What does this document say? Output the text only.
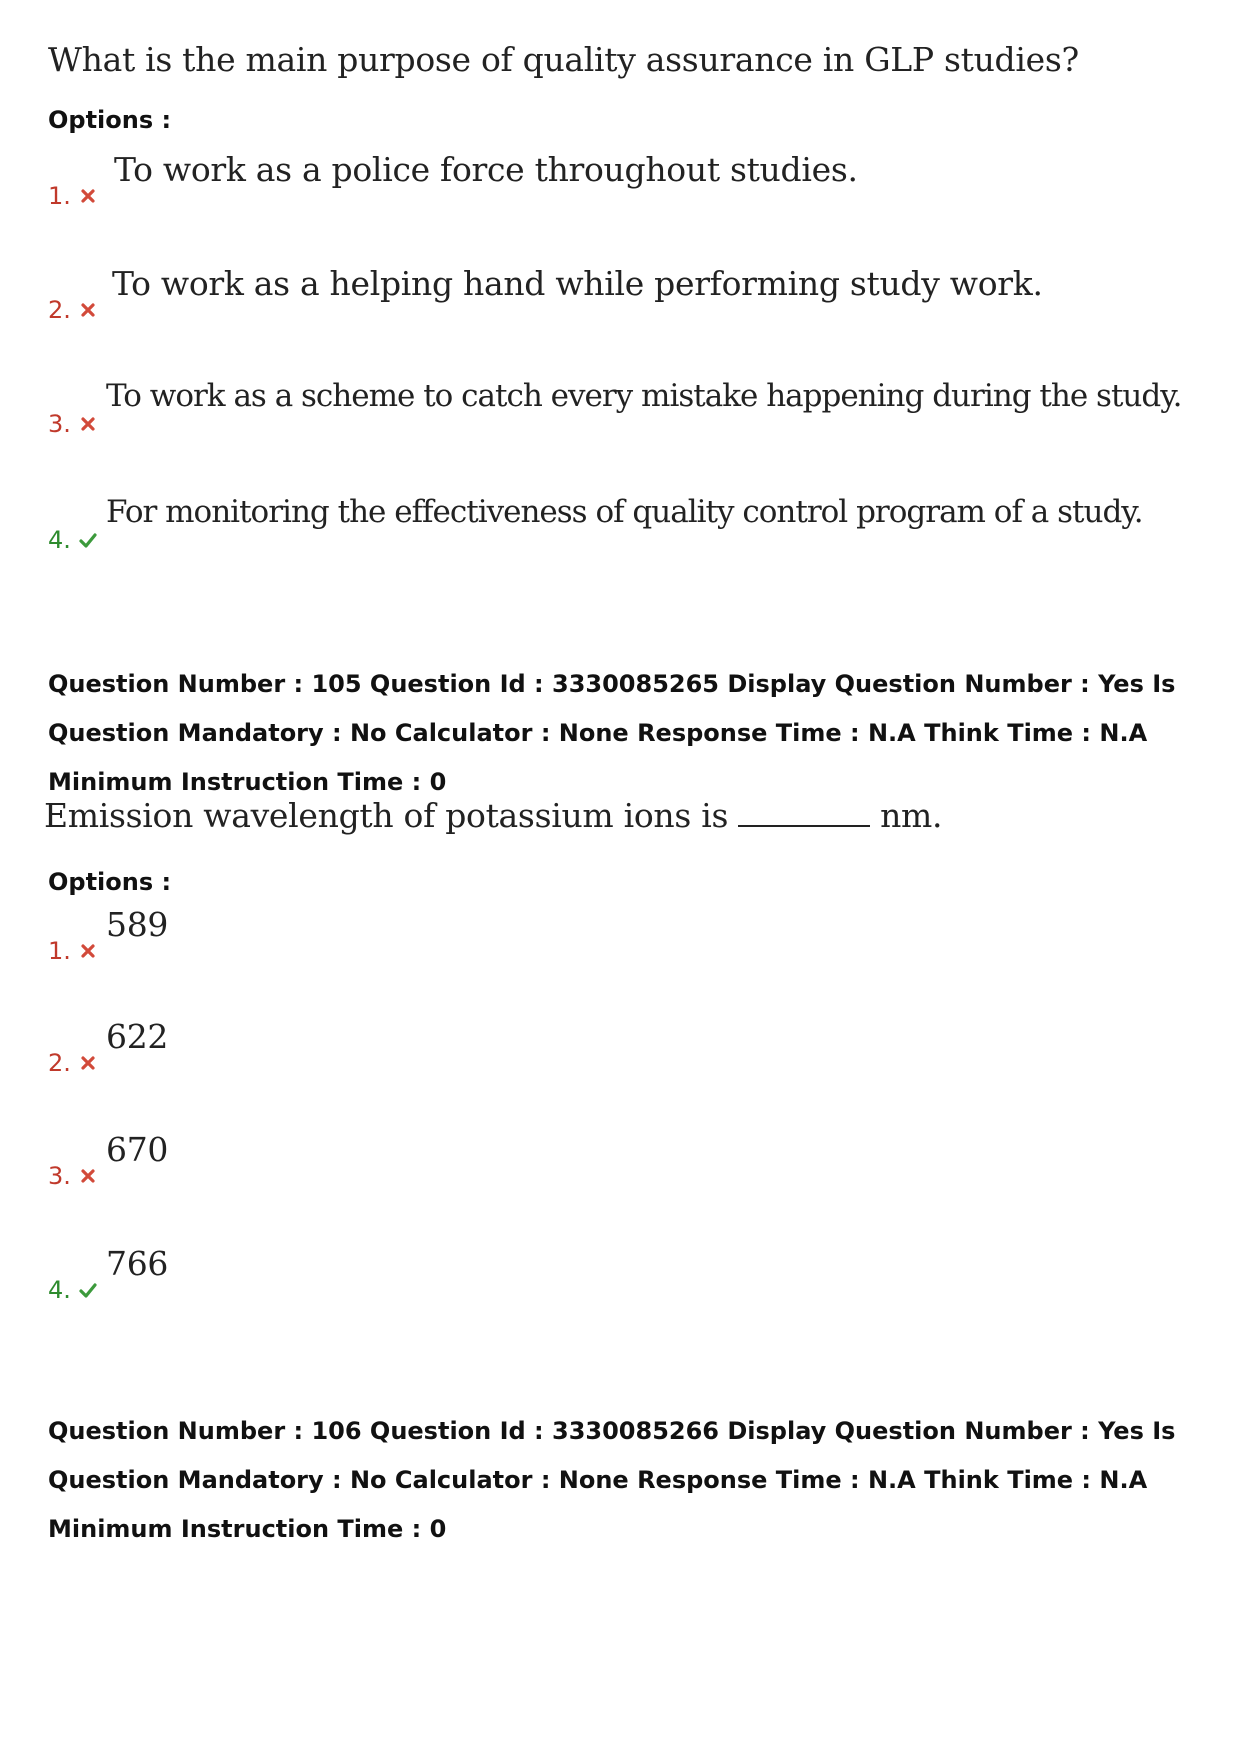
What is the main purpose of quality assurance in GLP studies?
Options :
1.
To work as a police force throughout studies.
2.
To work as a helping hand while performing study work.
3.
To work as a scheme to catch every mistake happening during the study.
4.
For monitoring the effectiveness of quality control program of a study.
Question Number : 105 Question Id : 3330085265 Display Question Number : Yes Is Question Mandatory : No Calculator : None Response Time : N.A Think Time : N.A Minimum Instruction Time : 0
Emission wavelength of potassium ions is	nm.
Options :
1.
589
2.
622
3.
670
4.
766
Question Number : 106 Question Id : 3330085266 Display Question Number : Yes Is Question Mandatory : No Calculator : None Response Time : N.A Think Time : N.A Minimum Instruction Time : 0
